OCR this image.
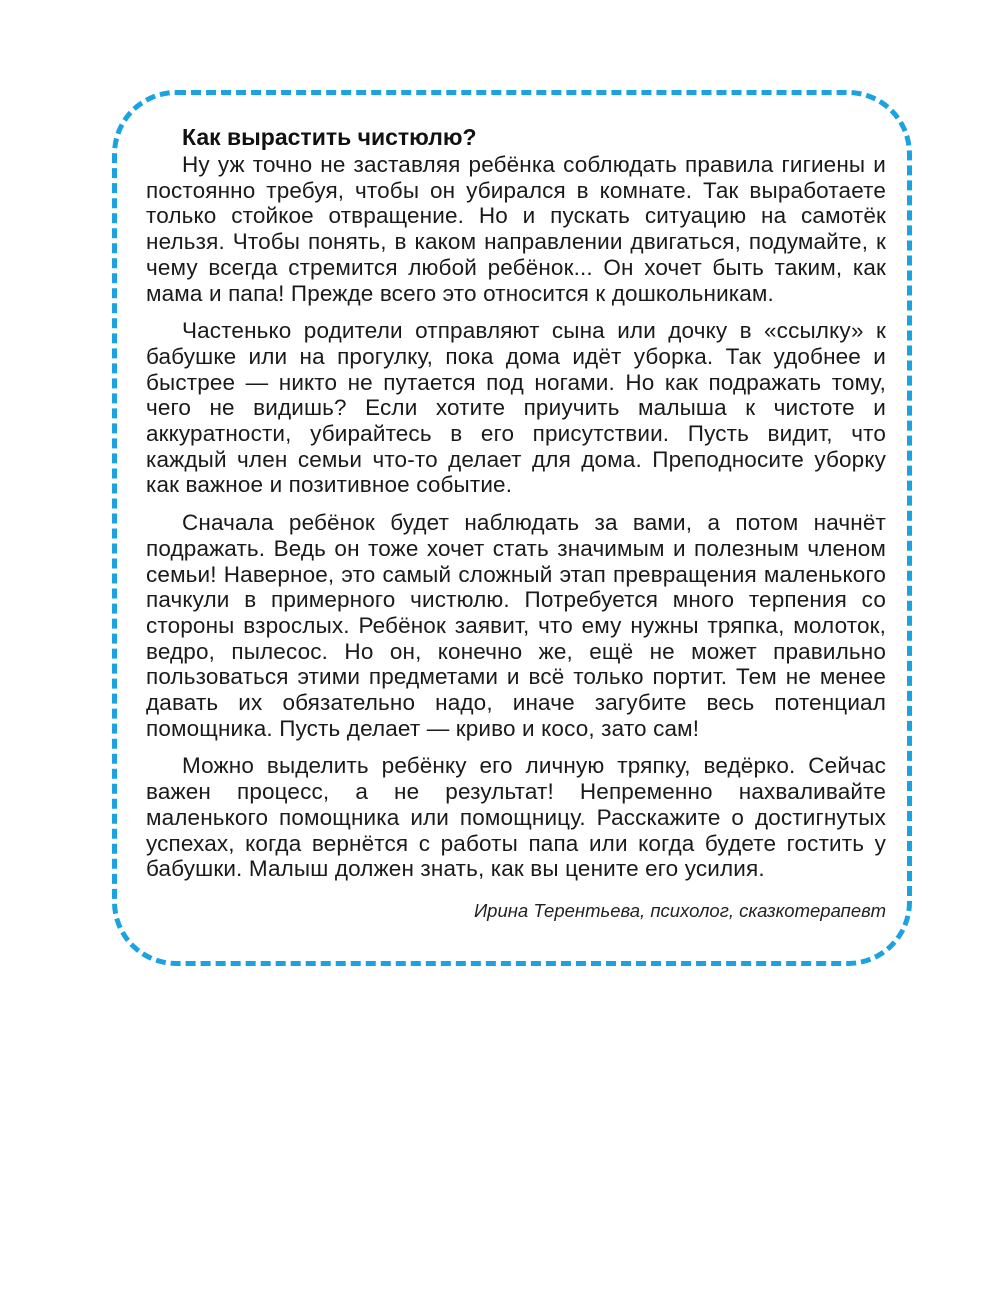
Как вырастить чистюлю?

Ну уж точно не заставляя ребёнка соблюдать правила гигиены и постоянно требуя, чтобы он убирался в комнате. Так выработаете только стойкое отвращение. Но и пускать ситуацию на самотёк нельзя. Чтобы понять, в каком направлении двигаться, подумайте, к чему всегда стремится любой ребёнок... Он хочет быть таким, как мама и папа! Прежде всего это относится к дошкольникам.

Частенько родители отправляют сына или дочку в «ссылку» к бабушке или на прогулку, пока дома идёт уборка. Так удобнее и быстрее — никто не путается под ногами. Но как подражать тому, чего не видишь? Если хотите приучить малыша к чистоте и аккуратности, убирайтесь в его присутствии. Пусть видит, что каждый член семьи что-то делает для дома. Преподносите уборку как важное и позитивное событие.

Сначала ребёнок будет наблюдать за вами, а потом начнёт подражать. Ведь он тоже хочет стать значимым и полезным членом семьи! Наверное, это самый сложный этап превращения маленького пачкули в примерного чистюлю. Потребуется много терпения со стороны взрослых. Ребёнок заявит, что ему нужны тряпка, молоток, ведро, пылесос. Но он, конечно же, ещё не может правильно пользоваться этими предметами и всё только портит. Тем не менее давать их обязательно надо, иначе загубите весь потенциал помощника. Пусть делает — криво и косо, зато сам!

Можно выделить ребёнку его личную тряпку, ведёрко. Сейчас важен процесс, а не результат! Непременно нахваливайте маленького помощника или помощницу. Расскажите о достигнутых успехах, когда вернётся с работы папа или когда будете гостить у бабушки. Малыш должен знать, как вы цените его усилия.

Ирина Терентьева, психолог, сказкотерапевт
